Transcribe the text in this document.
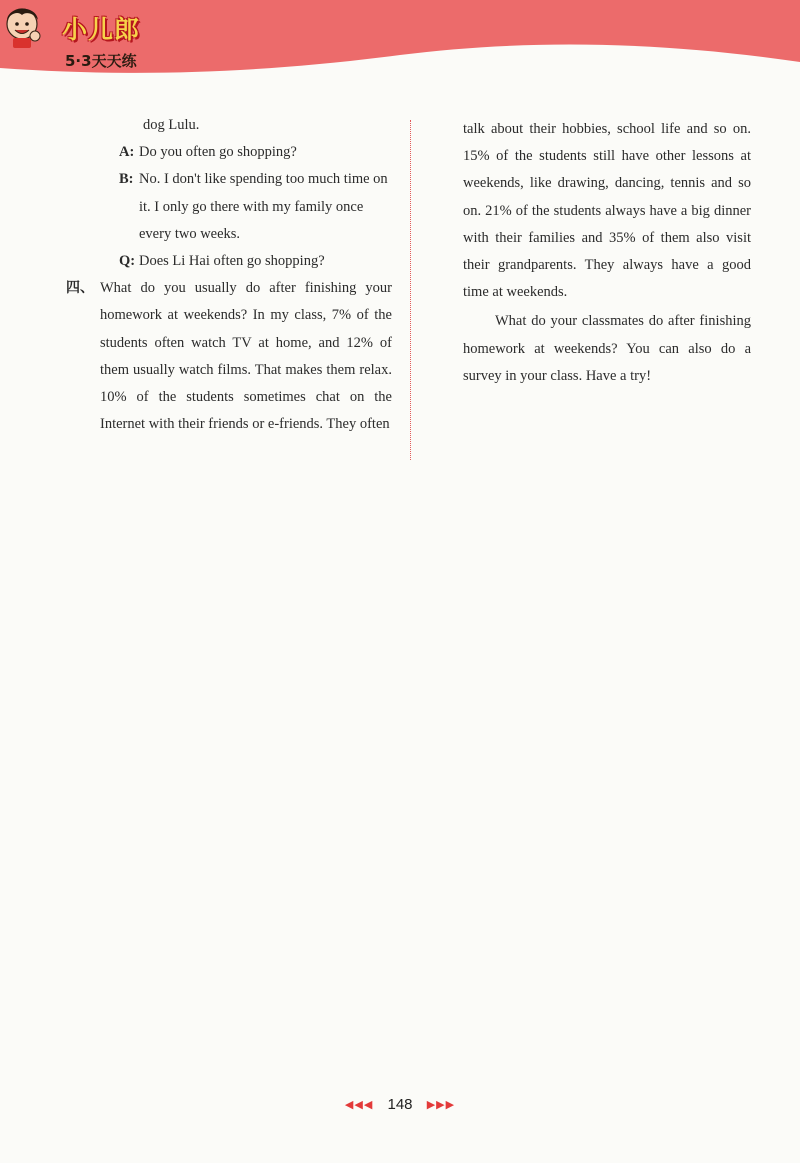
小儿郎
5·3天天练

dog Lulu.

A: Do you often go shopping?
B: No. I don't like spending too much time on it. I only go there with my family once every two weeks.
Q: Does Li Hai often go shopping?
四、 What do you usually do after finishing your homework at weekends? In my class, 7% of the students often watch TV at home, and 12% of them usually watch films. That makes them relax. 10% of the students sometimes chat on the Internet with their friends or e-friends. They often

talk about their hobbies, school life and so on. 15% of the students still have other lessons at weekends, like drawing, dancing, tennis and so on. 21% of the students always have a big dinner with their families and 35% of them also visit their grandparents. They always have a good time at weekends.

What do your classmates do after finishing homework at weekends? You can also do a survey in your class. Have a try!

◀◀◀ 148 ▶▶▶
